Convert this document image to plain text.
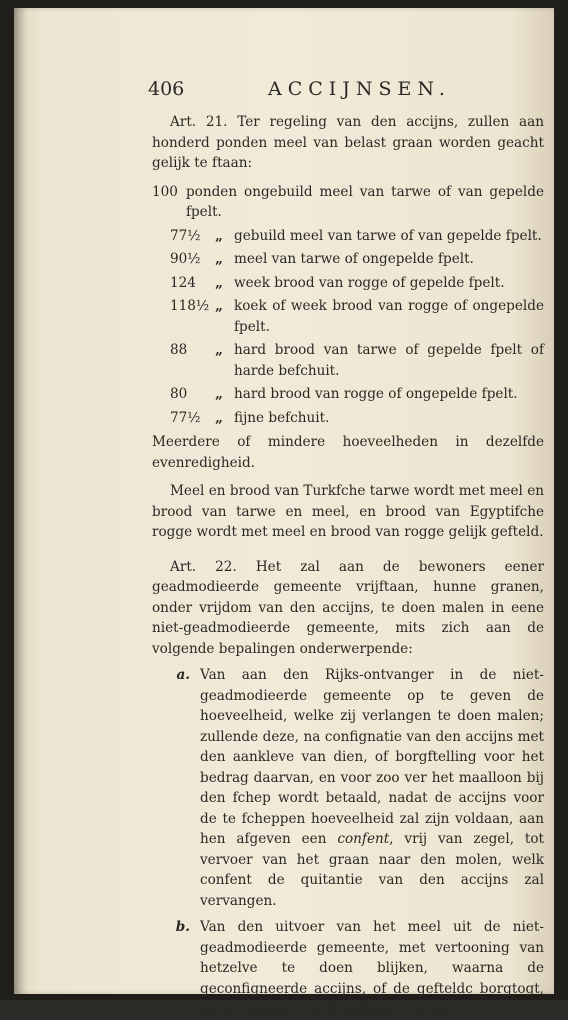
406	ACCIJNSEN.

Art. 21. Ter regeling van den accijns, zullen aan honderd ponden meel van belast graan worden geacht gelijk te ftaan:

100 ponden ongebuild meel van tarwe of van gepelde fpelt.
77½	„ gebuild meel van tarwe of van gepelde fpelt.
90½	„ meel van tarwe of ongepelde fpelt.
124	„ week brood van rogge of gepelde fpelt.
118½ „ koek of week brood van rogge of ongepelde fpelt.
88	„ hard brood van tarwe of gepelde fpelt of harde befchuit.
80	„ hard brood van rogge of ongepelde fpelt.
77½	„ fijne befchuit.

Meerdere of mindere hoeveelheden in dezelfde evenredigheid.

Meel en brood van Turkfche tarwe wordt met meel en brood van tarwe en meel, en brood van Egyptifche rogge wordt met meel en brood van rogge gelijk gefteld.

Art. 22. Het zal aan de bewoners eener geadmodieerde gemeente vrijftaan, hunne granen, onder vrijdom van den accijns, te doen malen in eene niet-geadmodieerde gemeente, mits zich aan de volgende bepalingen onderwerpende:

a. Van aan den Rijks-ontvanger in de niet-geadmodieerde gemeente op te geven de hoeveelheid, welke zij verlangen te doen malen; zullende deze, na confignatie van den accijns met den aankleve van dien, of borgftelling voor het bedrag daarvan, en voor zoo ver het maalloon bij den fchep wordt betaald, nadat de accijns voor de te fcheppen hoeveelheid zal zijn voldaan, aan hen afgeven een confent, vrij van zegel, tot vervoer van het graan naar den molen, welk confent de quitantie van den accijns zal vervangen.
b. Van den uitvoer van het meel uit de niet-geadmodieerde gemeente, met vertooning van hetzelve te doen blijken, waarna de geconfigneerde accijns, of de gefteldc borgtogt, zal teruggegeven of ontflagen worden.
